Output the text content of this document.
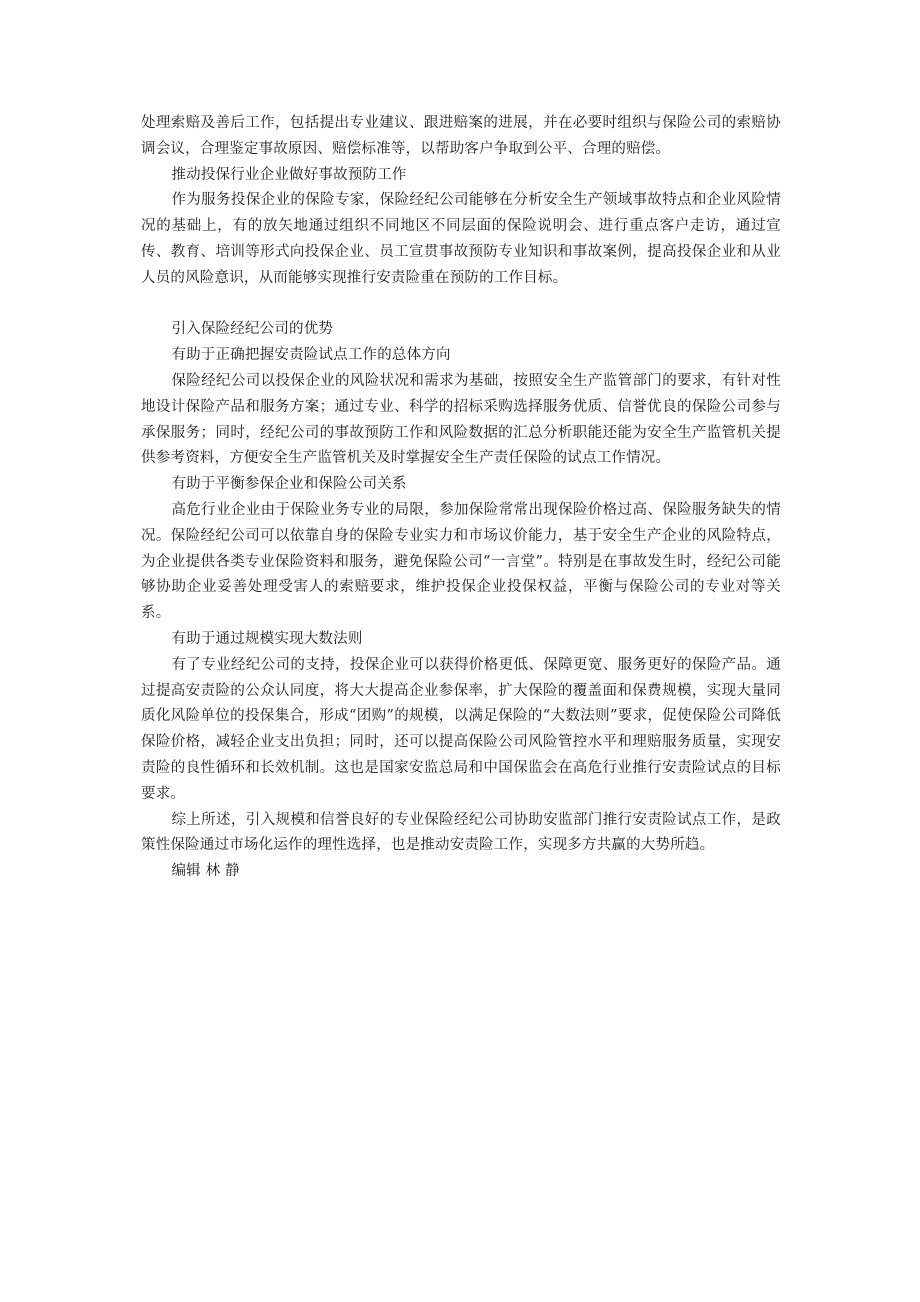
处理索赔及善后工作，包括提出专业建议、跟进赔案的进展，并在必要时组织与保险公司的索赔协调会议，合理鉴定事故原因、赔偿标准等，以帮助客户争取到公平、合理的赔偿。

推动投保行业企业做好事故预防工作

作为服务投保企业的保险专家，保险经纪公司能够在分析安全生产领域事故特点和企业风险情况的基础上，有的放矢地通过组织不同地区不同层面的保险说明会、进行重点客户走访，通过宣传、教育、培训等形式向投保企业、员工宣贯事故预防专业知识和事故案例，提高投保企业和从业人员的风险意识，从而能够实现推行安责险重在预防的工作目标。

引入保险经纪公司的优势

有助于正确把握安责险试点工作的总体方向

保险经纪公司以投保企业的风险状况和需求为基础，按照安全生产监管部门的要求，有针对性地设计保险产品和服务方案；通过专业、科学的招标采购选择服务优质、信誉优良的保险公司参与承保服务；同时，经纪公司的事故预防工作和风险数据的汇总分析职能还能为安全生产监管机关提供参考资料，方便安全生产监管机关及时掌握安全生产责任保险的试点工作情况。

有助于平衡参保企业和保险公司关系

高危行业企业由于保险业务专业的局限，参加保险常常出现保险价格过高、保险服务缺失的情况。保险经纪公司可以依靠自身的保险专业实力和市场议价能力，基于安全生产企业的风险特点，为企业提供各类专业保险资料和服务，避免保险公司“一言堂”。特别是在事故发生时，经纪公司能够协助企业妥善处理受害人的索赔要求，维护投保企业投保权益，平衡与保险公司的专业对等关系。

有助于通过规模实现大数法则

有了专业经纪公司的支持，投保企业可以获得价格更低、保障更宽、服务更好的保险产品。通过提高安责险的公众认同度，将大大提高企业参保率，扩大保险的覆盖面和保费规模，实现大量同质化风险单位的投保集合，形成“团购”的规模，以满足保险的“大数法则”要求，促使保险公司降低保险价格，减轻企业支出负担；同时，还可以提高保险公司风险管控水平和理赔服务质量，实现安责险的良性循环和长效机制。这也是国家安监总局和中国保监会在高危行业推行安责险试点的目标要求。

综上所述，引入规模和信誉良好的专业保险经纪公司协助安监部门推行安责险试点工作，是政策性保险通过市场化运作的理性选择，也是推动安责险工作，实现多方共赢的大势所趋。

编辑 林 静
